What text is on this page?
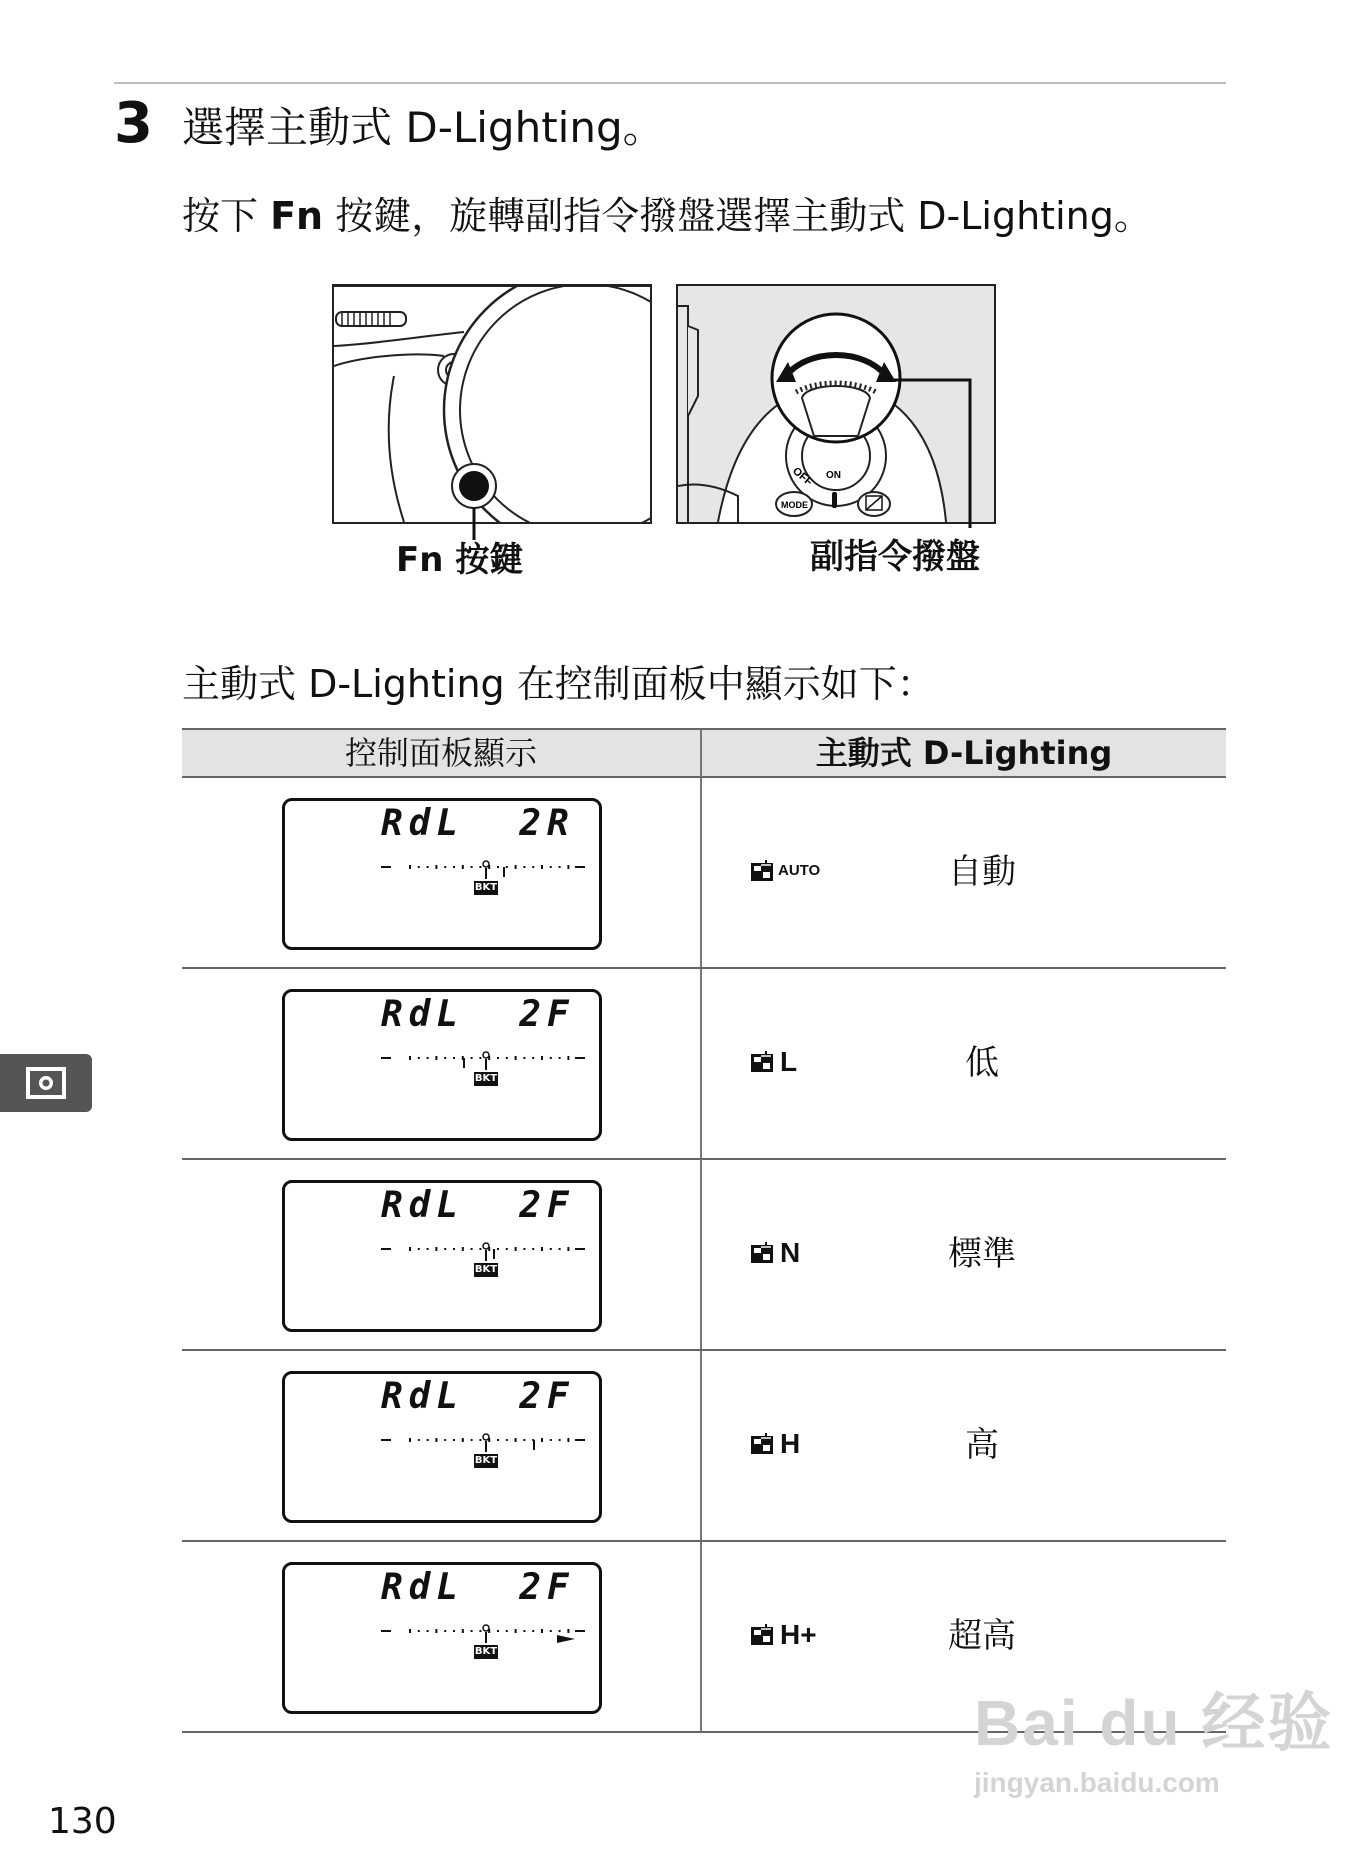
3 選擇主動式 D-Lighting。
按下 Fn 按鍵，旋轉副指令撥盤選擇主動式 D-Lighting。
OFF ON
MODE
Fn 按鍵	副指令撥盤
主動式 D-Lighting 在控制面板中顯示如下：
控制面板顯示	主動式 D-Lighting
RdL  2R
BKT
AUTO	自動
RdL  2F
BKT
L	低
RdL  2F
BKT
N	標準
RdL  2F
BKT
H	高
RdL  2F
BKT
H+	超高
130
Bai du 经验
jingyan.baidu.com
